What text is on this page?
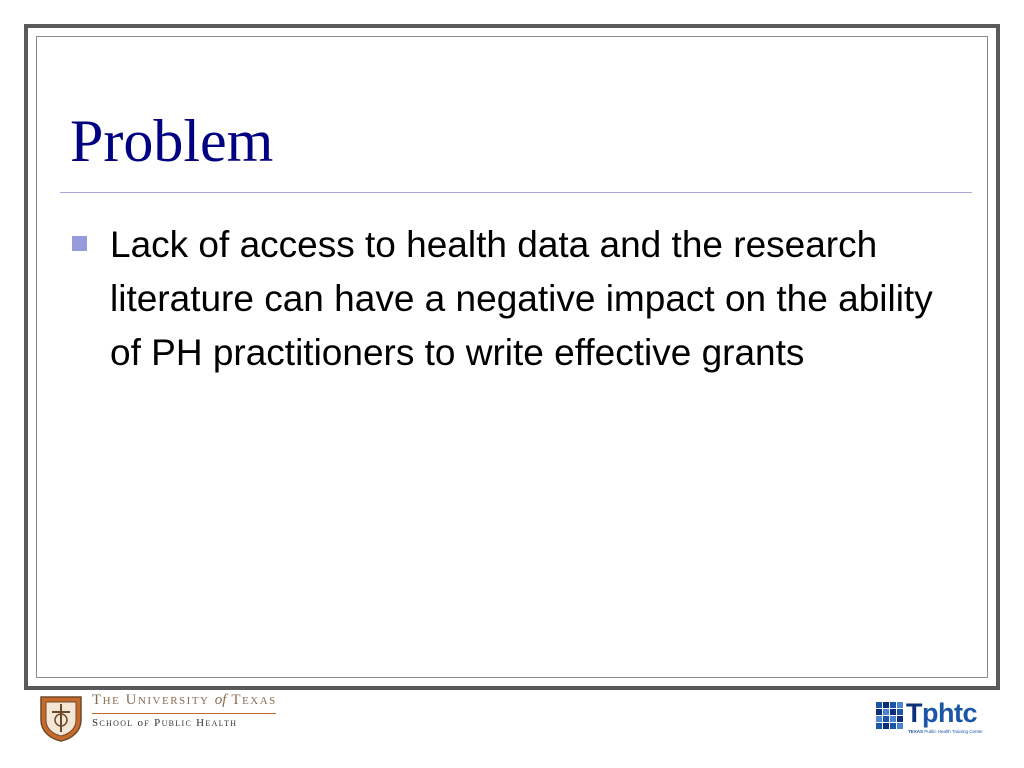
Problem
Lack of access to health data and the research literature can have a negative impact on the ability of PH practitioners to write effective grants
THE UNIVERSITY of TEXAS
SCHOOL oF PUBLIC HEALTH	Tphtc
TEXAS Public Health Training Center
